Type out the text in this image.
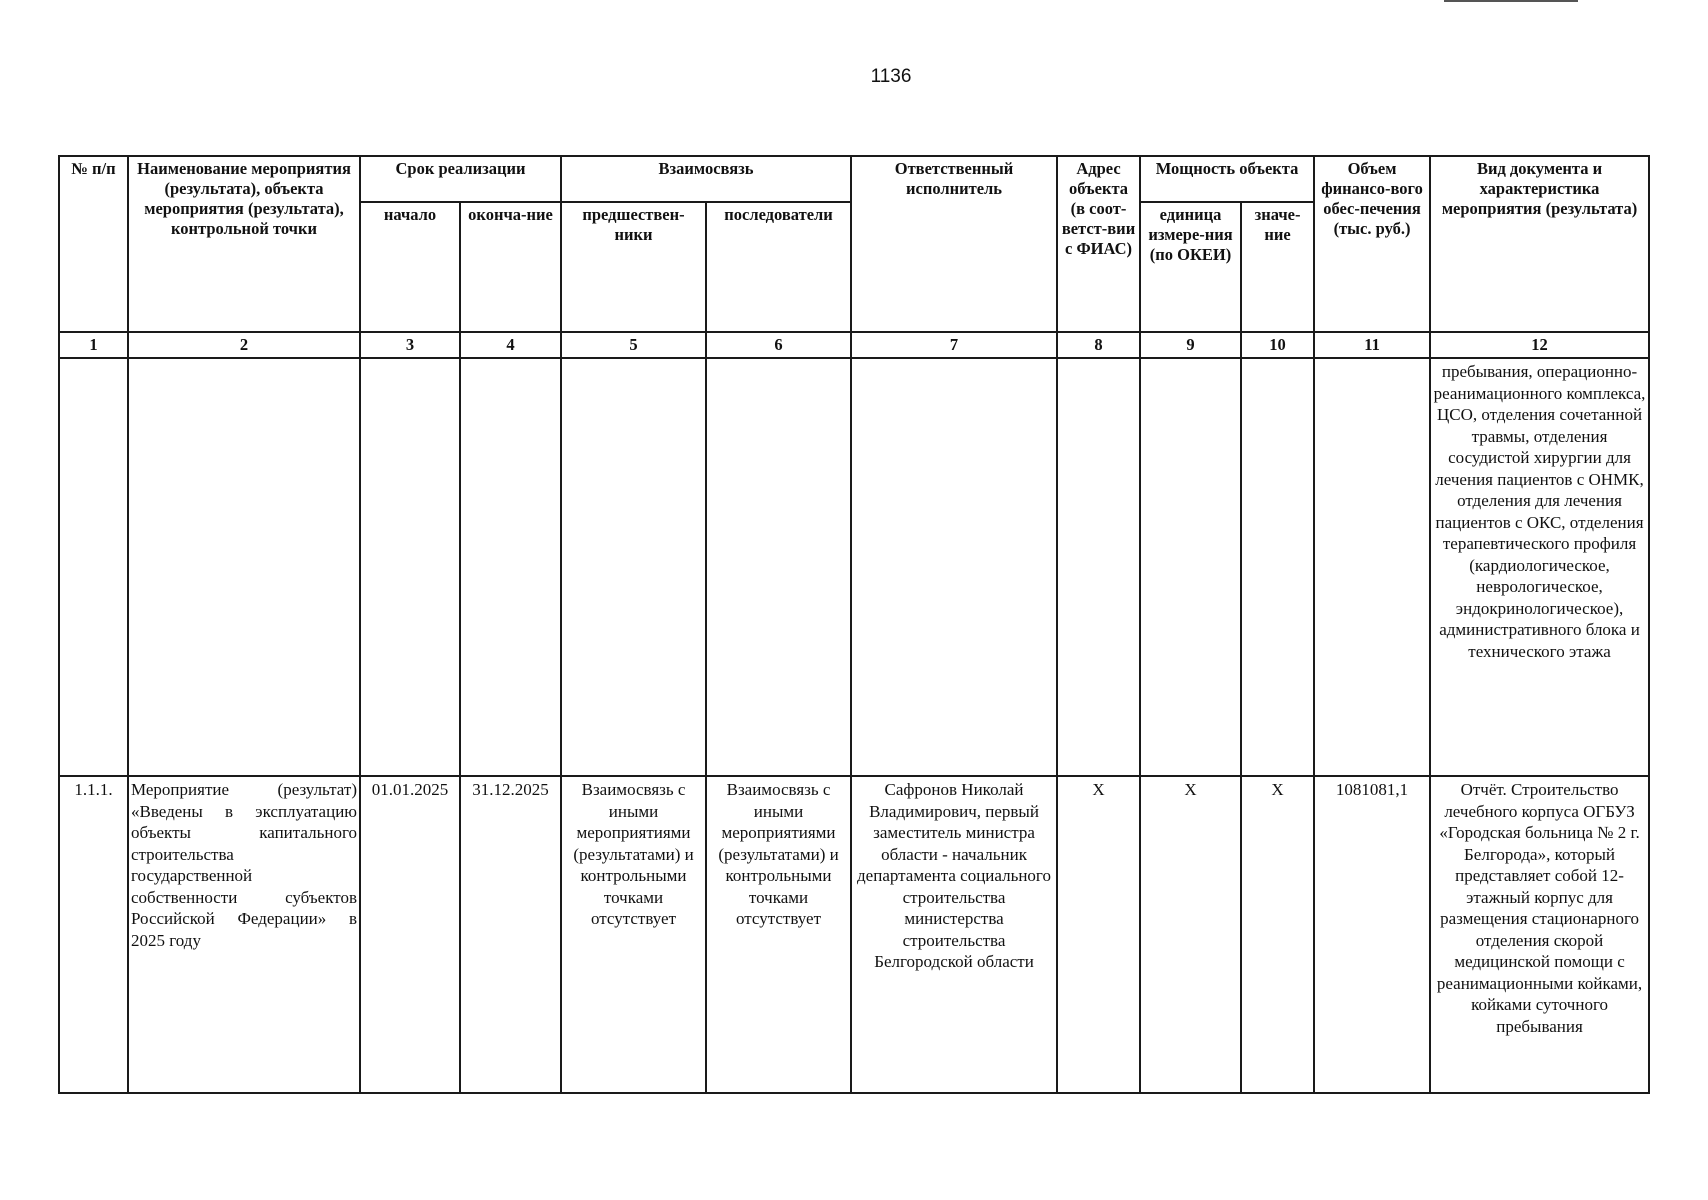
1136
№ п/п	Наименование мероприятия (результата), объекта мероприятия (результата), контрольной точки	Срок реализации		Взаимосвязь		Ответственный исполнитель	Адрес объекта (в соот-ветст-вии с ФИАС)	Мощность объекта		Объем финансо-вого обес-печения (тыс. руб.)	Вид документа и характеристика мероприятия (результата)
		начало	оконча-ние	предшествен-ники	последователи			единица измере-ния (по ОКЕИ)	значе-ние		
1	2	3	4	5	6	7	8	9	10	11	12
											пребывания, операционно-реанимационного комплекса, ЦСО, отделения сочетанной травмы, отделения сосудистой хирургии для лечения пациентов с ОНМК, отделения для лечения пациентов с ОКС, отделения терапевтического профиля (кардиологическое, неврологическое, эндокринологическое), административного блока и технического этажа
1.1.1.	Мероприятие (результат) «Введены в эксплуатацию объекты капитального строительства государственной собственности субъектов Российской Федерации» в 2025 году	01.01.2025	31.12.2025	Взаимосвязь с иными мероприятиями (результатами) и контрольными точками отсутствует	Взаимосвязь с иными мероприятиями (результатами) и контрольными точками отсутствует	Сафронов Николай Владимирович, первый заместитель министра области - начальник департамента социального строительства министерства строительства Белгородской области	Х	Х	Х	1081081,1	Отчёт. Строительство лечебного корпуса ОГБУЗ «Городская больница № 2 г. Белгорода», который представляет собой 12-этажный корпус для размещения стационарного отделения скорой медицинской помощи с реанимационными койками, койками суточного пребывания
